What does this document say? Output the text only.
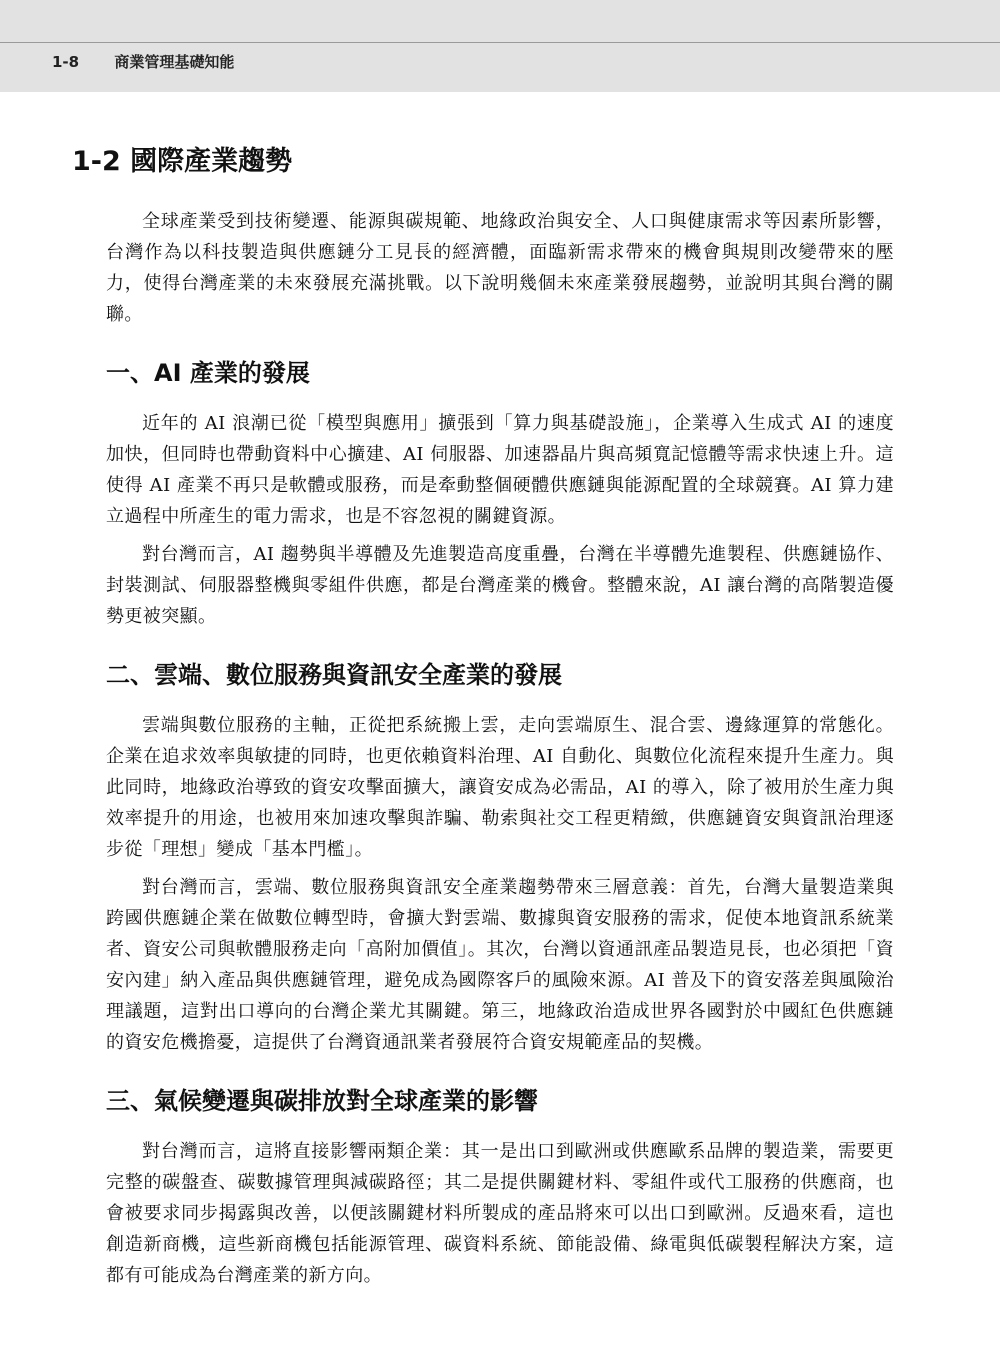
1-8 商業管理基礎知能
1-2 國際產業趨勢

全球產業受到技術變遷、能源與碳規範、地緣政治與安全、人口與健康需求等因素所影響，台灣作為以科技製造與供應鏈分工見長的經濟體，面臨新需求帶來的機會與規則改變帶來的壓力，使得台灣產業的未來發展充滿挑戰。以下說明幾個未來產業發展趨勢，並說明其與台灣的關聯。

一、AI 產業的發展

近年的 AI 浪潮已從「模型與應用」擴張到「算力與基礎設施」，企業導入生成式 AI 的速度加快，但同時也帶動資料中心擴建、AI 伺服器、加速器晶片與高頻寬記憶體等需求快速上升。這使得 AI 產業不再只是軟體或服務，而是牽動整個硬體供應鏈與能源配置的全球競賽。AI 算力建立過程中所產生的電力需求，也是不容忽視的關鍵資源。

對台灣而言，AI 趨勢與半導體及先進製造高度重疊，台灣在半導體先進製程、供應鏈協作、封裝測試、伺服器整機與零組件供應，都是台灣產業的機會。整體來說，AI 讓台灣的高階製造優勢更被突顯。

二、雲端、數位服務與資訊安全產業的發展

雲端與數位服務的主軸，正從把系統搬上雲，走向雲端原生、混合雲、邊緣運算的常態化。企業在追求效率與敏捷的同時，也更依賴資料治理、AI 自動化、與數位化流程來提升生產力。與此同時，地緣政治導致的資安攻擊面擴大，讓資安成為必需品，AI 的導入，除了被用於生產力與效率提升的用途，也被用來加速攻擊與詐騙、勒索與社交工程更精緻，供應鏈資安與資訊治理逐步從「理想」變成「基本門檻」。

對台灣而言，雲端、數位服務與資訊安全產業趨勢帶來三層意義：首先，台灣大量製造業與跨國供應鏈企業在做數位轉型時，會擴大對雲端、數據與資安服務的需求，促使本地資訊系統業者、資安公司與軟體服務走向「高附加價值」。其次，台灣以資通訊產品製造見長，也必須把「資安內建」納入產品與供應鏈管理，避免成為國際客戶的風險來源。AI 普及下的資安落差與風險治理議題，這對出口導向的台灣企業尤其關鍵。第三，地緣政治造成世界各國對於中國紅色供應鏈的資安危機擔憂，這提供了台灣資通訊業者發展符合資安規範產品的契機。

三、氣候變遷與碳排放對全球產業的影響

對台灣而言，這將直接影響兩類企業：其一是出口到歐洲或供應歐系品牌的製造業，需要更完整的碳盤查、碳數據管理與減碳路徑；其二是提供關鍵材料、零組件或代工服務的供應商，也會被要求同步揭露與改善，以便該關鍵材料所製成的產品將來可以出口到歐洲。反過來看，這也創造新商機，這些新商機包括能源管理、碳資料系統、節能設備、綠電與低碳製程解決方案，這都有可能成為台灣產業的新方向。
